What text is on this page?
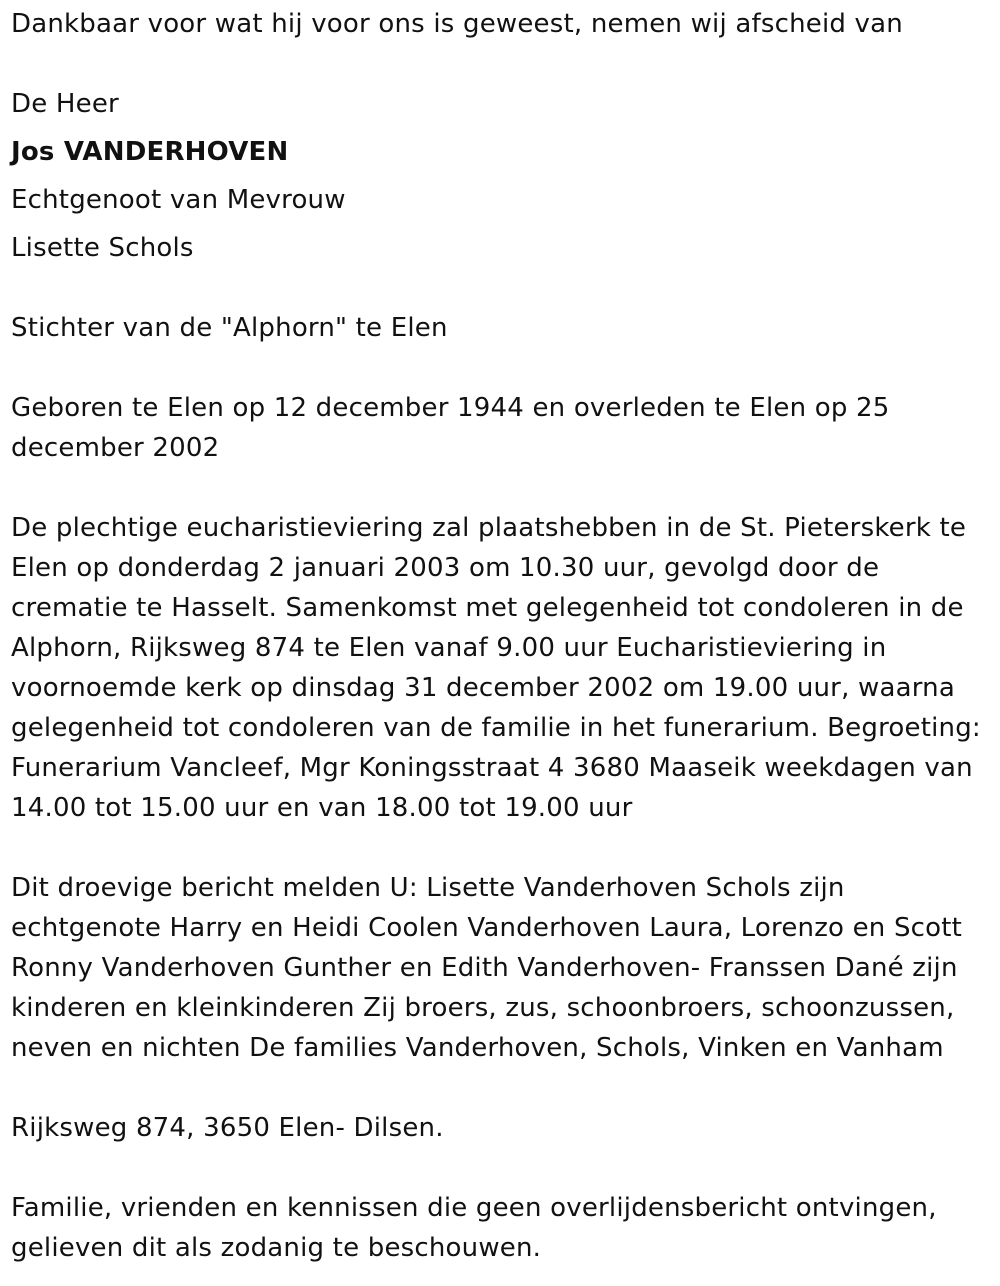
Dankbaar voor wat hij voor ons is geweest, nemen wij afscheid van

De Heer

Jos VANDERHOVEN

Echtgenoot van Mevrouw

Lisette Schols

Stichter van de "Alphorn" te Elen

Geboren te Elen op 12 december 1944 en overleden te Elen op 25 december 2002

De plechtige eucharistieviering zal plaatshebben in de St. Pieterskerk te Elen op donderdag 2 januari 2003 om 10.30 uur, gevolgd door de crematie te Hasselt. Samenkomst met gelegenheid tot condoleren in de Alphorn, Rijksweg 874 te Elen vanaf 9.00 uur Eucharistieviering in voornoemde kerk op dinsdag 31 december 2002 om 19.00 uur, waarna gelegenheid tot condoleren van de familie in het funerarium. Begroeting: Funerarium Vancleef, Mgr Koningsstraat 4 3680 Maaseik weekdagen van 14.00 tot 15.00 uur en van 18.00 tot 19.00 uur

Dit droevige bericht melden U: Lisette Vanderhoven Schols zijn echtgenote Harry en Heidi Coolen Vanderhoven Laura, Lorenzo en Scott Ronny Vanderhoven Gunther en Edith Vanderhoven- Franssen Dané zijn kinderen en kleinkinderen Zij broers, zus, schoonbroers, schoonzussen, neven en nichten De families Vanderhoven, Schols, Vinken en Vanham

Rijksweg 874, 3650 Elen- Dilsen.

Familie, vrienden en kennissen die geen overlijdensbericht ontvingen, gelieven dit als zodanig te beschouwen.
